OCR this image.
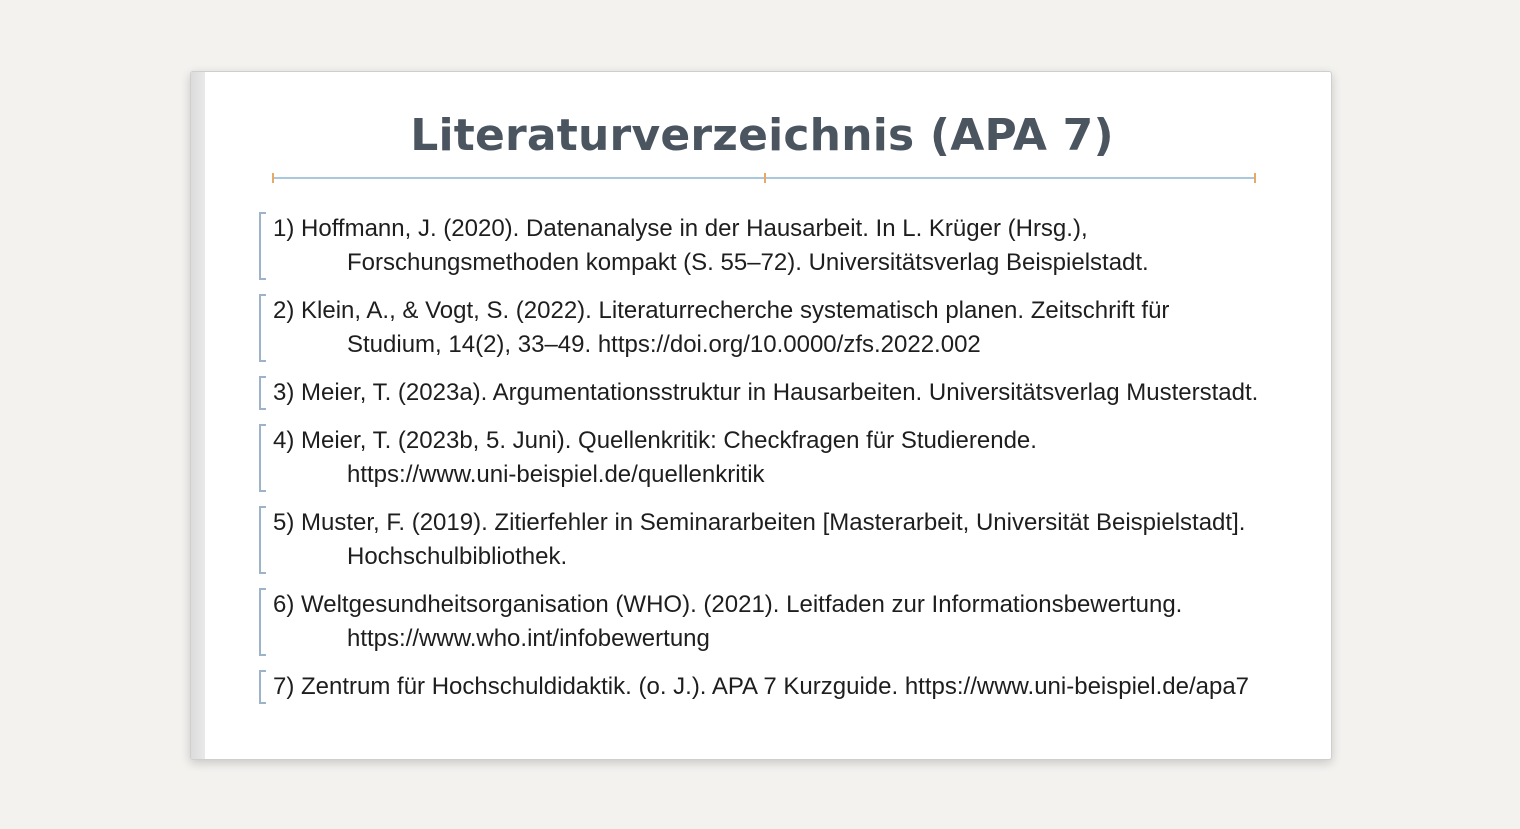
Literaturverzeichnis (APA 7)
1) Hoffmann, J. (2020). Datenanalyse in der Hausarbeit. In L. Krüger (Hrsg.),
Forschungsmethoden kompakt (S. 55–72). Universitätsverlag Beispielstadt.
2) Klein, A., & Vogt, S. (2022). Literaturrecherche systematisch planen. Zeitschrift für
Studium, 14(2), 33–49. https://doi.org/10.0000/zfs.2022.002
3) Meier, T. (2023a). Argumentationsstruktur in Hausarbeiten. Universitätsverlag Musterstadt.
4) Meier, T. (2023b, 5. Juni). Quellenkritik: Checkfragen für Studierende.
https://www.uni-beispiel.de/quellenkritik
5) Muster, F. (2019). Zitierfehler in Seminararbeiten [Masterarbeit, Universität Beispielstadt].
Hochschulbibliothek.
6) Weltgesundheitsorganisation (WHO). (2021). Leitfaden zur Informationsbewertung.
https://www.who.int/infobewertung
7) Zentrum für Hochschuldidaktik. (o. J.). APA 7 Kurzguide. https://www.uni-beispiel.de/apa7
